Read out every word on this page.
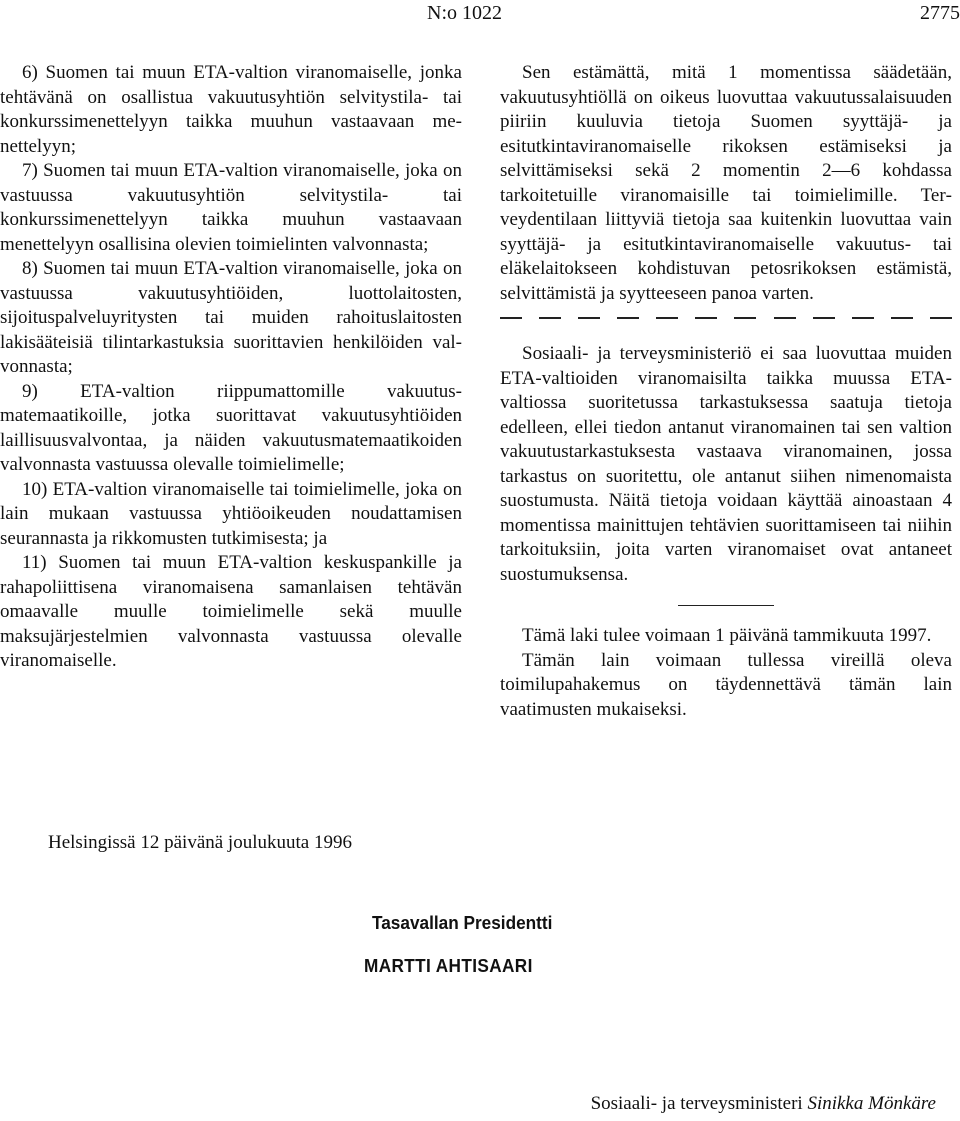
N:o 1022	2775

6) Suomen tai muun ETA-valtion viranomaiselle, jonka tehtävänä on osallistua vakuutusyhtiön selvitystila- tai konkurssimenettelyyn taikka muuhun vastaavaan menettelyyn;

7) Suomen tai muun ETA-valtion viranomaiselle, joka on vastuussa vakuutusyhtiön selvitystila- tai konkurssimenettelyyn taikka muuhun vastaavaan menettelyyn osallisina olevien toimielinten valvonnasta;

8) Suomen tai muun ETA-valtion viranomaiselle, joka on vastuussa vakuutusyhtiöiden, luottolaitosten, sijoituspalveluyritysten tai muiden rahoituslaitosten lakisääteisiä tilintarkastuksia suorittavien henkilöiden valvonnasta;

9) ETA-valtion riippumattomille vakuutusmatemaatikoille, jotka suorittavat vakuutusyhtiöiden laillisuusvalvontaa, ja näiden vakuutusmatemaatikoiden valvonnasta vastuussa olevalle toimielimelle;

10) ETA-valtion viranomaiselle tai toimielimelle, joka on lain mukaan vastuussa yhtiöoikeuden noudattamisen seurannasta ja rikkomusten tutkimisesta; ja

11) Suomen tai muun ETA-valtion keskuspankille ja rahapoliittisena viranomaisena samanlaisen tehtävän omaavalle muulle toimielimelle sekä muulle maksujärjestelmien valvonnasta vastuussa olevalle viranomaiselle.

Sen estämättä, mitä 1 momentissa säädetään, vakuutusyhtiöllä on oikeus luovuttaa vakuutussalaisuuden piiriin kuuluvia tietoja Suomen syyttäjä- ja esitutkintaviranomaiselle rikoksen estämiseksi ja selvittämiseksi sekä 2 momentin 2—6 kohdassa tarkoitetuille viranomaisille tai toimielimille. Terveydentilaan liittyviä tietoja saa kuitenkin luovuttaa vain syyttäjä- ja esitutkintaviranomaiselle vakuutus- tai eläkelaitokseen kohdistuvan petosrikoksen estämistä, selvittämistä ja syytteeseen panoa varten.

Sosiaali- ja terveysministeriö ei saa luovuttaa muiden ETA-valtioiden viranomaisilta taikka muussa ETA-valtiossa suoritetussa tarkastuksessa saatuja tietoja edelleen, ellei tiedon antanut viranomainen tai sen valtion vakuutustarkastuksesta vastaava viranomainen, jossa tarkastus on suoritettu, ole antanut siihen nimenomaista suostumusta. Näitä tietoja voidaan käyttää ainoastaan 4 momentissa mainittujen tehtävien suorittamiseen tai niihin tarkoituksiin, joita varten viranomaiset ovat antaneet suostumuksensa.

Tämä laki tulee voimaan 1 päivänä tammikuuta 1997.

Tämän lain voimaan tullessa vireillä oleva toimilupahakemus on täydennettävä tämän lain vaatimusten mukaiseksi.

Helsingissä 12 päivänä joulukuuta 1996
Tasavallan Presidentti
MARTTI AHTISAARI
Sosiaali- ja terveysministeri Sinikka Mönkäre
